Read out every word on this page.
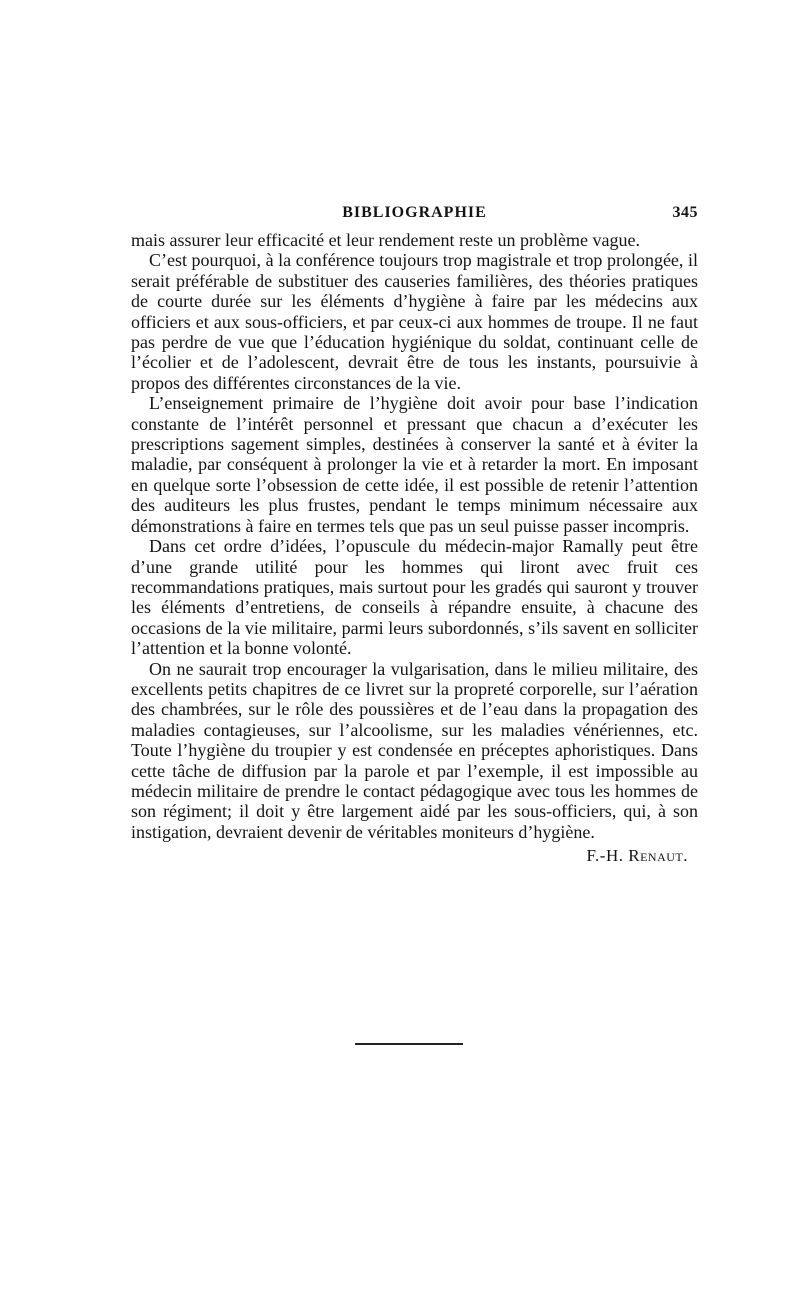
BIBLIOGRAPHIE	345

mais assurer leur efficacité et leur rendement reste un problème vague.

C’est pourquoi, à la conférence toujours trop magistrale et trop prolongée, il serait préférable de substituer des causeries familières, des théories pratiques de courte durée sur les éléments d’hygiène à faire par les médecins aux officiers et aux sous-officiers, et par ceux-ci aux hommes de troupe. Il ne faut pas perdre de vue que l’éducation hygiénique du soldat, continuant celle de l’écolier et de l’adolescent, devrait être de tous les instants, poursuivie à propos des différentes circonstances de la vie.

L’enseignement primaire de l’hygiène doit avoir pour base l’indication constante de l’intérêt personnel et pressant que chacun a d’exécuter les prescriptions sagement simples, destinées à conserver la santé et à éviter la maladie, par conséquent à prolonger la vie et à retarder la mort. En imposant en quelque sorte l’obsession de cette idée, il est possible de retenir l’attention des auditeurs les plus frustes, pendant le temps minimum nécessaire aux démonstrations à faire en termes tels que pas un seul puisse passer incompris.

Dans cet ordre d’idées, l’opuscule du médecin-major Ramally peut être d’une grande utilité pour les hommes qui liront avec fruit ces recommandations pratiques, mais surtout pour les gradés qui sauront y trouver les éléments d’entretiens, de conseils à répandre ensuite, à chacune des occasions de la vie militaire, parmi leurs subordonnés, s’ils savent en solliciter l’attention et la bonne volonté.

On ne saurait trop encourager la vulgarisation, dans le milieu militaire, des excellents petits chapitres de ce livret sur la propreté corporelle, sur l’aération des chambrées, sur le rôle des poussières et de l’eau dans la propagation des maladies contagieuses, sur l’alcoolisme, sur les maladies vénériennes, etc. Toute l’hygiène du troupier y est condensée en préceptes aphoristiques. Dans cette tâche de diffusion par la parole et par l’exemple, il est impossible au médecin militaire de prendre le contact pédagogique avec tous les hommes de son régiment; il doit y être largement aidé par les sous-officiers, qui, à son instigation, devraient devenir de véritables moniteurs d’hygiène.

F.-H. Renaut.
